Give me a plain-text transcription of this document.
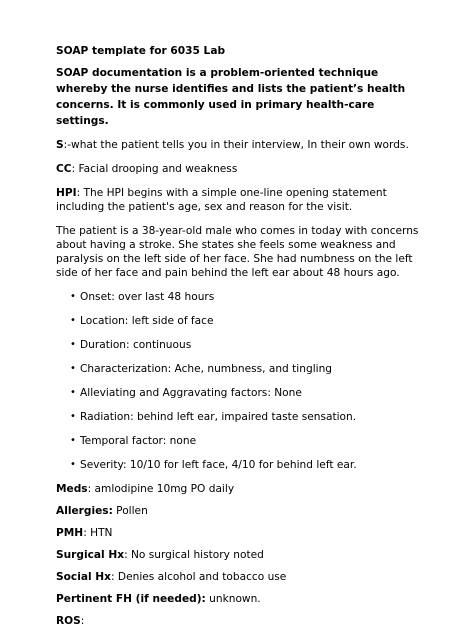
SOAP template for 6035 Lab
SOAP documentation is a problem-oriented technique whereby the nurse identifies and lists the patient’s health concerns. It is commonly used in primary health-care settings.

S:-what the patient tells you in their interview, In their own words.

CC: Facial drooping and weakness

HPI: The HPI begins with a simple one-line opening statement including the patient's age, sex and reason for the visit.

The patient is a 38-year-old male who comes in today with concerns about having a stroke. She states she feels some weakness and paralysis on the left side of her face. She had numbness on the left side of her face and pain behind the left ear about 48 hours ago.

• Onset: over last 48 hours
• Location: left side of face
• Duration: continuous
• Characterization: Ache, numbness, and tingling
• Alleviating and Aggravating factors: None
• Radiation: behind left ear, impaired taste sensation.
• Temporal factor: none
• Severity: 10/10 for left face, 4/10 for behind left ear.

Meds: amlodipine 10mg PO daily

Allergies: Pollen

PMH: HTN

Surgical Hx: No surgical history noted

Social Hx: Denies alcohol and tobacco use

Pertinent FH (if needed): unknown.

ROS:
